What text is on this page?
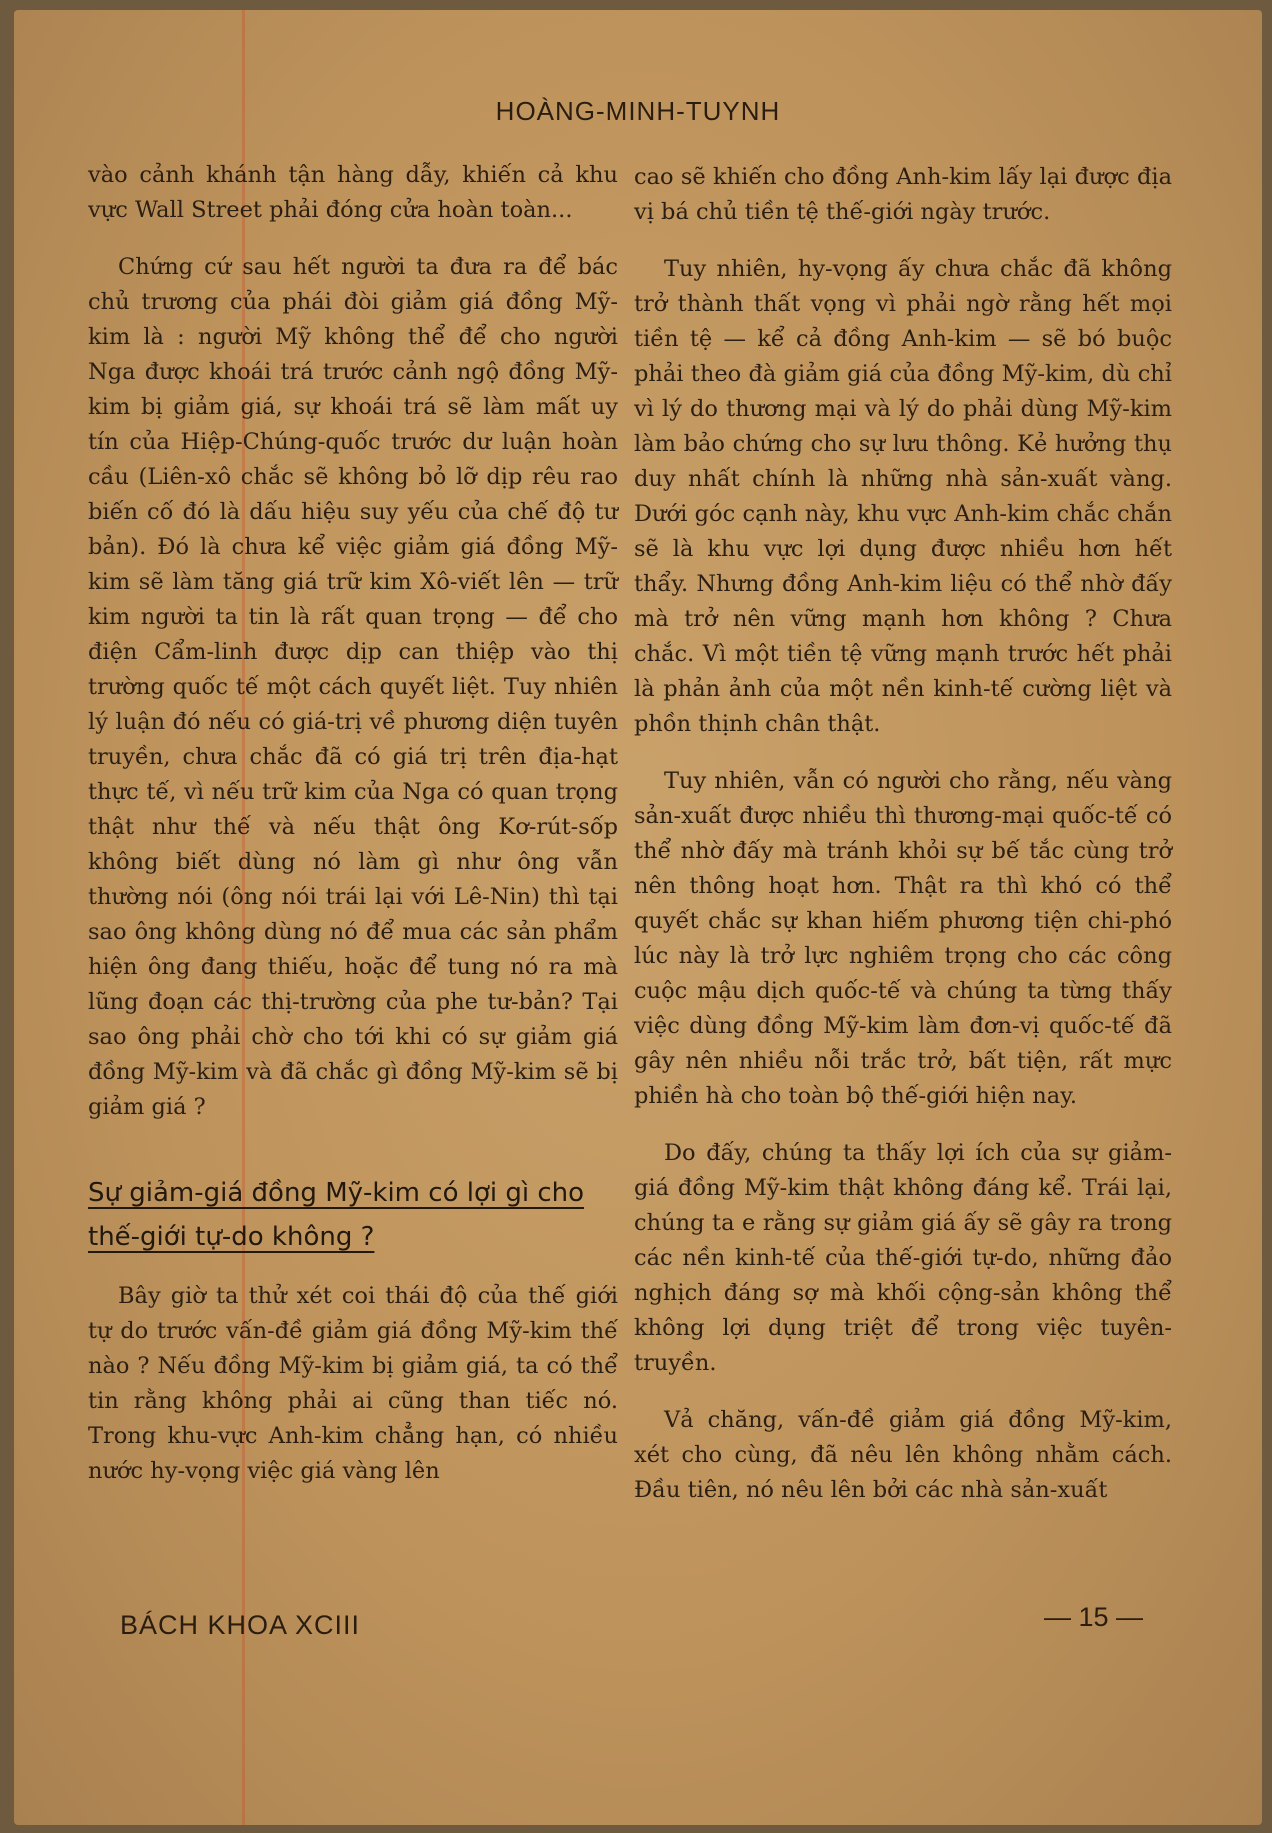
HOÀNG-MINH-TUYNH

vào cảnh khánh tận hàng dẫy, khiến cả khu vực Wall Street phải đóng cửa hoàn toàn...

Chứng cứ sau hết người ta đưa ra để bác chủ trương của phái đòi giảm giá đồng Mỹ-kim là : người Mỹ không thể để cho người Nga được khoái trá trước cảnh ngộ đồng Mỹ-kim bị giảm giá, sự khoái trá sẽ làm mất uy tín của Hiệp-Chúng-quốc trước dư luận hoàn cầu (Liên-xô chắc sẽ không bỏ lỡ dịp rêu rao biến cố đó là dấu hiệu suy yếu của chế độ tư bản). Đó là chưa kể việc giảm giá đồng Mỹ-kim sẽ làm tăng giá trữ kim Xô-viết lên — trữ kim người ta tin là rất quan trọng — để cho điện Cẩm-linh được dịp can thiệp vào thị trường quốc tế một cách quyết liệt. Tuy nhiên lý luận đó nếu có giá-trị về phương diện tuyên truyền, chưa chắc đã có giá trị trên địa-hạt thực tế, vì nếu trữ kim của Nga có quan trọng thật như thế và nếu thật ông Kơ-rút-sốp không biết dùng nó làm gì như ông vẫn thường nói (ông nói trái lại với Lê-Nin) thì tại sao ông không dùng nó để mua các sản phẩm hiện ông đang thiếu, hoặc để tung nó ra mà lũng đoạn các thị-trường của phe tư-bản? Tại sao ông phải chờ cho tới khi có sự giảm giá đồng Mỹ-kim và đã chắc gì đồng Mỹ-kim sẽ bị giảm giá ?

Sự giảm-giá đồng Mỹ-kim có lợi gì cho thế-giới tự-do không ?

Bây giờ ta thử xét coi thái độ của thế giới tự do trước vấn-đề giảm giá đồng Mỹ-kim thế nào ? Nếu đồng Mỹ-kim bị giảm giá, ta có thể tin rằng không phải ai cũng than tiếc nó. Trong khu-vực Anh-kim chẳng hạn, có nhiều nước hy-vọng việc giá vàng lên

cao sẽ khiến cho đồng Anh-kim lấy lại được địa vị bá chủ tiền tệ thế-giới ngày trước.

Tuy nhiên, hy-vọng ấy chưa chắc đã không trở thành thất vọng vì phải ngờ rằng hết mọi tiền tệ — kể cả đồng Anh-kim — sẽ bó buộc phải theo đà giảm giá của đồng Mỹ-kim, dù chỉ vì lý do thương mại và lý do phải dùng Mỹ-kim làm bảo chứng cho sự lưu thông. Kẻ hưởng thụ duy nhất chính là những nhà sản-xuất vàng. Dưới góc cạnh này, khu vực Anh-kim chắc chắn sẽ là khu vực lợi dụng được nhiều hơn hết thẩy. Nhưng đồng Anh-kim liệu có thể nhờ đấy mà trở nên vững mạnh hơn không ? Chưa chắc. Vì một tiền tệ vững mạnh trước hết phải là phản ảnh của một nền kinh-tế cường liệt và phồn thịnh chân thật.

Tuy nhiên, vẫn có người cho rằng, nếu vàng sản-xuất được nhiều thì thương-mại quốc-tế có thể nhờ đấy mà tránh khỏi sự bế tắc cùng trở nên thông hoạt hơn. Thật ra thì khó có thể quyết chắc sự khan hiếm phương tiện chi-phó lúc này là trở lực nghiêm trọng cho các công cuộc mậu dịch quốc-tế và chúng ta từng thấy việc dùng đồng Mỹ-kim làm đơn-vị quốc-tế đã gây nên nhiều nỗi trắc trở, bất tiện, rất mực phiền hà cho toàn bộ thế-giới hiện nay.

Do đấy, chúng ta thấy lợi ích của sự giảm-giá đồng Mỹ-kim thật không đáng kể. Trái lại, chúng ta e rằng sự giảm giá ấy sẽ gây ra trong các nền kinh-tế của thế-giới tự-do, những đảo nghịch đáng sợ mà khối cộng-sản không thể không lợi dụng triệt để trong việc tuyên-truyền.

Vả chăng, vấn-đề giảm giá đồng Mỹ-kim, xét cho cùng, đã nêu lên không nhằm cách. Đầu tiên, nó nêu lên bởi các nhà sản-xuất

BÁCH KHOA XCIII	— 15 —
